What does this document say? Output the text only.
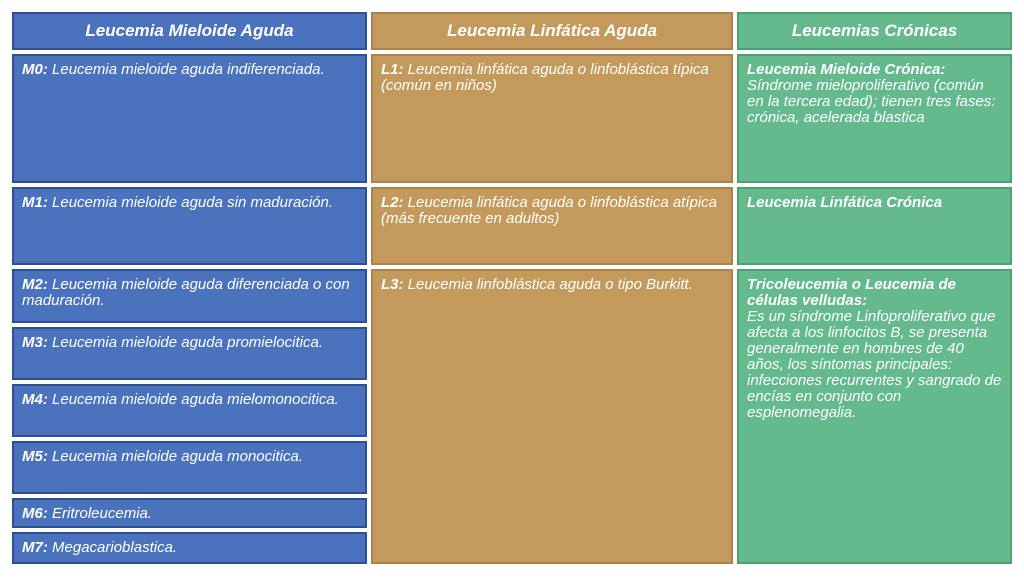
Leucemia Mieloide Aguda	Leucemia Linfática Aguda	Leucemias Crónicas
M0: Leucemia mieloide aguda indiferenciada.
M1: Leucemia mieloide aguda sin maduración.
M2: Leucemia mieloide aguda diferenciada o con maduración.
M3: Leucemia mieloide aguda promielocitica.
M4: Leucemia mieloide aguda mielomonocitica.
M5: Leucemia mieloide aguda monocitica.
M6: Eritroleucemia.
M7: Megacarioblastica.
L1: Leucemia linfática aguda o linfoblástica típica (común en niños)
L2: Leucemia linfática aguda o linfoblástica atípica (más frecuente en adultos)
L3: Leucemia linfoblástica aguda o tipo Burkitt.
Leucemia Mieloide Crónica:
Síndrome mieloproliferativo (común en la tercera edad); tienen tres fases: crónica, acelerada blastica
Leucemia Linfática Crónica
Tricoleucemia o Leucemia de células velludas:
Es un síndrome Linfoproliferativo que afecta a los linfocitos B, se presenta generalmente en hombres de 40 años, los síntomas principales: infecciones recurrentes y sangrado de encías en conjunto con esplenomegalia.
